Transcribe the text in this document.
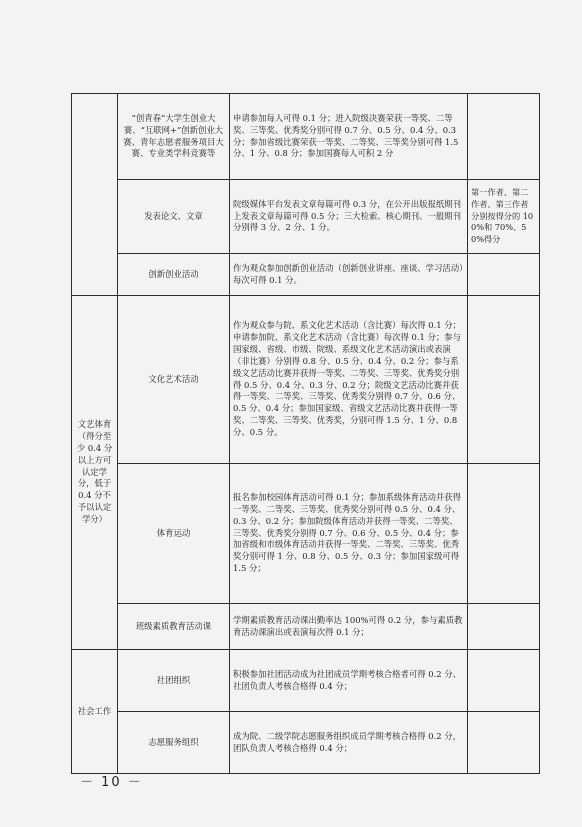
	“创青春”大学生创业大赛、“互联网+”创新创业大赛、青年志愿者服务项目大赛、专业类学科竞赛等	申请参加每人可得 0.1 分；进入院级决赛荣获一等奖、二等奖、三等奖、优秀奖分别可得 0.7 分、0.5 分、0.4 分、0.3 分；参加省级比赛荣获一等奖、二等奖、三等奖分别可得 1.5 分、1 分、0.8 分；参加国赛每人可积 2 分	
	发表论文、文章	院级媒体平台发表文章每篇可得 0.3 分，在公开出版报纸期刊上发表文章每篇可得 0.5 分；三大检索、核心期刊、一般期刊分别得 3 分、2 分、1 分。	第一作者、第二作者、第三作者分别按得分的 100%和 70%、50%得分
	创新创业活动	作为观众参加创新创业活动（创新创业讲座、座谈、学习活动）每次可得 0.1 分。	
文艺体育（得分至少 0.4 分以上方可认定学分，低于 0.4 分不予以认定学分）	文化艺术活动	作为观众参与院、系文化艺术活动（含比赛）每次得 0.1 分；申请参加院、系文化艺术活动（含比赛）每次得 0.1 分；参与国家级、省级、市级、院级、系级文化艺术活动演出或表演（非比赛）分别得 0.8 分、0.5 分、0.4 分、0.2 分；参与系级文艺活动比赛并获得一等奖、二等奖、三等奖、优秀奖分别得 0.5 分、0.4 分、0.3 分、0.2 分；院级文艺活动比赛并获得一等奖、二等奖、三等奖、优秀奖分别得 0.7 分、0.6 分、0.5 分、0.4 分；参加国家级、省级文艺活动比赛并获得一等奖、二等奖、三等奖、优秀奖，分别可得 1.5 分、1 分、0.8 分、0.5 分。	
	体育运动	报名参加校园体育活动可得 0.1 分；参加系级体育活动并获得一等奖、二等奖、三等奖、优秀奖分别可得 0.5 分、0.4 分、0.3 分、0.2 分；参加院级体育活动并获得一等奖、二等奖、三等奖、优秀奖分别得 0.7 分、0.6 分、0.5 分、0.4 分；参加省级和市级体育活动并获得一等奖、二等奖、三等奖、优秀奖分别可得 1 分、0.8 分、0.5 分、0.3 分；参加国家级可得 1.5 分；	
	班级素质教育活动课	学期素质教育活动课出勤率达 100%可得 0.2 分，参与素质教育活动课演出或表演每次得 0.1 分；	
社会工作	社团组织	积极参加社团活动成为社团成员学期考核合格者可得 0.2 分、社团负责人考核合格得 0.4 分；	
	志愿服务组织	成为院、二级学院志愿服务组织成员学期考核合格得 0.2 分，团队负责人考核合格得 0.4 分；	
－ 10 －
